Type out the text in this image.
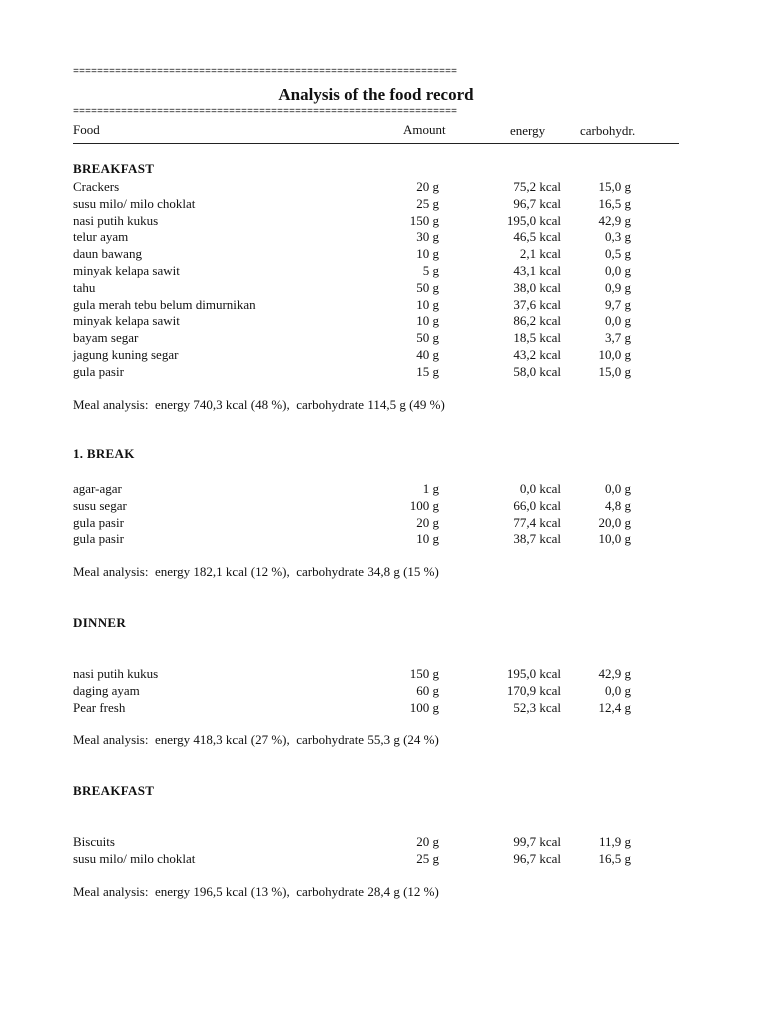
================================================================
Analysis of the food record
================================================================
Food	Amount	energy	carbohydr.
BREAKFAST
Crackers	20 g	75,2 kcal	15,0 g
susu milo/ milo choklat	25 g	96,7 kcal	16,5 g
nasi putih kukus	150 g	195,0 kcal	42,9 g
telur ayam	30 g	46,5 kcal	0,3 g
daun bawang	10 g	2,1 kcal	0,5 g
minyak kelapa sawit	5 g	43,1 kcal	0,0 g
tahu	50 g	38,0 kcal	0,9 g
gula merah tebu belum dimurnikan	10 g	37,6 kcal	9,7 g
minyak kelapa sawit	10 g	86,2 kcal	0,0 g
bayam segar	50 g	18,5 kcal	3,7 g
jagung kuning segar	40 g	43,2 kcal	10,0 g
gula pasir	15 g	58,0 kcal	15,0 g
Meal analysis:  energy 740,3 kcal (48 %),  carbohydrate 114,5 g (49 %)
1. BREAK
agar-agar	1 g	0,0 kcal	0,0 g
susu segar	100 g	66,0 kcal	4,8 g
gula pasir	20 g	77,4 kcal	20,0 g
gula pasir	10 g	38,7 kcal	10,0 g
Meal analysis:  energy 182,1 kcal (12 %),  carbohydrate 34,8 g (15 %)
DINNER
nasi putih kukus	150 g	195,0 kcal	42,9 g
daging ayam	60 g	170,9 kcal	0,0 g
Pear fresh	100 g	52,3 kcal	12,4 g
Meal analysis:  energy 418,3 kcal (27 %),  carbohydrate 55,3 g (24 %)
BREAKFAST
Biscuits	20 g	99,7 kcal	11,9 g
susu milo/ milo choklat	25 g	96,7 kcal	16,5 g
Meal analysis:  energy 196,5 kcal (13 %),  carbohydrate 28,4 g (12 %)
